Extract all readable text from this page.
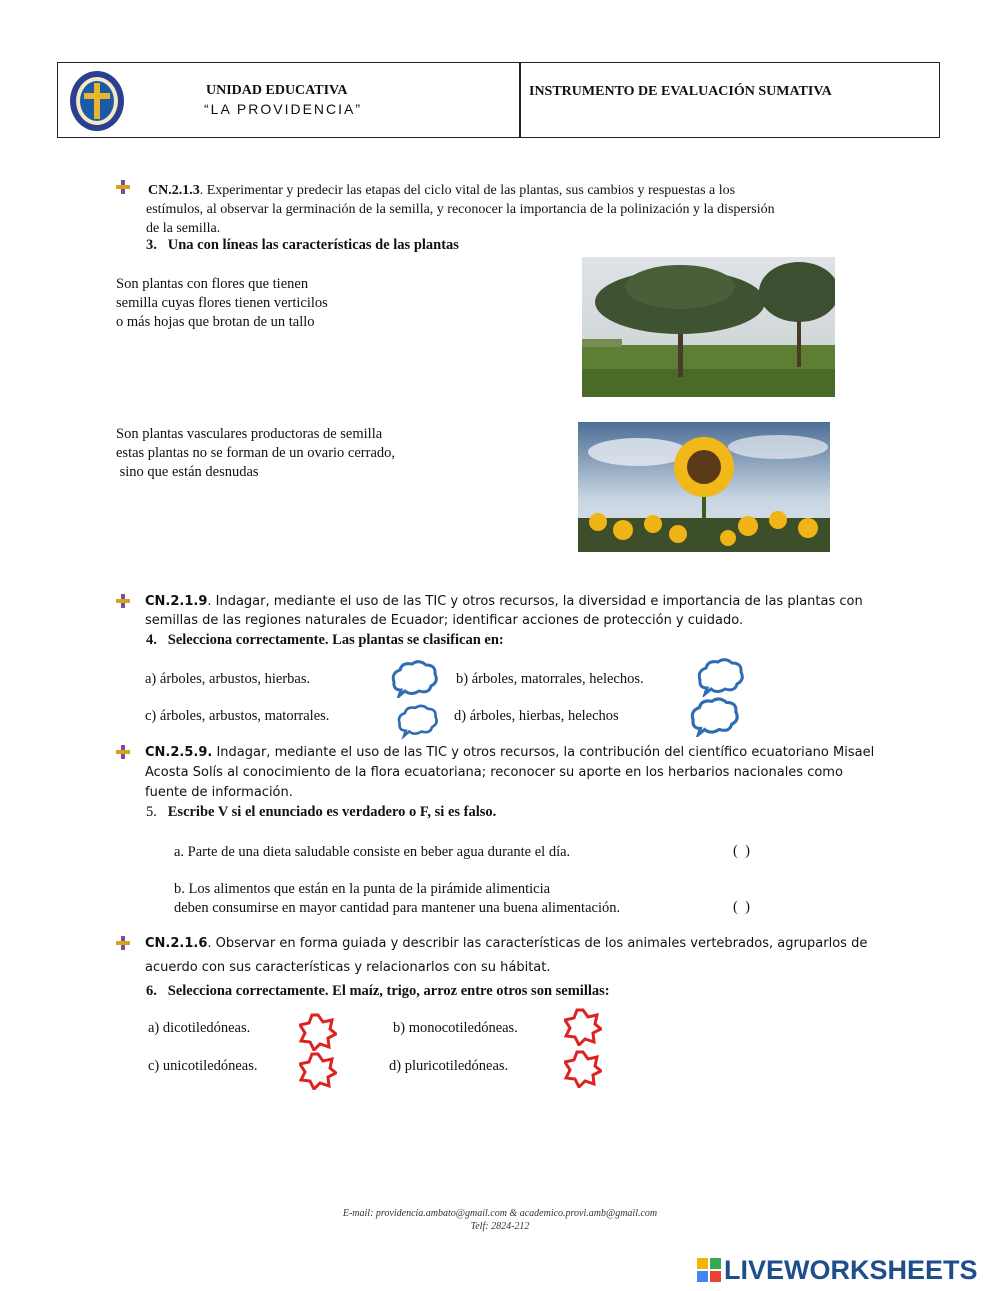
UNIDAD EDUCATIVA
“LA PROVIDENCIA”
INSTRUMENTO DE EVALUACIÓN SUMATIVA
CN.2.1.3. Experimentar y predecir las etapas del ciclo vital de las plantas, sus cambios y respuestas a los
estímulos, al observar la germinación de la semilla, y reconocer la importancia de la polinización y la dispersión
de la semilla.
3. Una con líneas las características de las plantas
Son plantas con flores que tienen
semilla cuyas flores tienen verticilos
o más hojas que brotan de un tallo
Son plantas vasculares productoras de semilla
estas plantas no se forman de un ovario cerrado,
sino que están desnudas
CN.2.1.9. Indagar, mediante el uso de las TIC y otros recursos, la diversidad e importancia de las plantas con
semillas de las regiones naturales de Ecuador; identificar acciones de protección y cuidado.
4. Selecciona correctamente. Las plantas se clasifican en:
a) árboles, arbustos, hierbas.	b) árboles, matorrales, helechos.
c) árboles, arbustos, matorrales.	d) árboles, hierbas, helechos
CN.2.5.9. Indagar, mediante el uso de las TIC y otros recursos, la contribución del científico ecuatoriano Misael
Acosta Solís al conocimiento de la flora ecuatoriana; reconocer su aporte en los herbarios nacionales como
fuente de información.
5. Escribe V si el enunciado es verdadero o F, si es falso.
a. Parte de una dieta saludable consiste en beber agua durante el día.	(  )
b. Los alimentos que están en la punta de la pirámide alimenticia
deben consumirse en mayor cantidad para mantener una buena alimentación.	(  )
CN.2.1.6. Observar en forma guiada y describir las características de los animales vertebrados, agruparlos de
acuerdo con sus características y relacionarlos con su hábitat.
6. Selecciona correctamente. El maíz, trigo, arroz entre otros son semillas:
a) dicotiledóneas.	b) monocotiledóneas.
c) unicotiledóneas.	d) pluricotiledóneas.
E-mail: providencia.ambato@gmail.com & academico.provi.amb@gmail.com
Telf: 2824-212
LIVEWORKSHEETS
